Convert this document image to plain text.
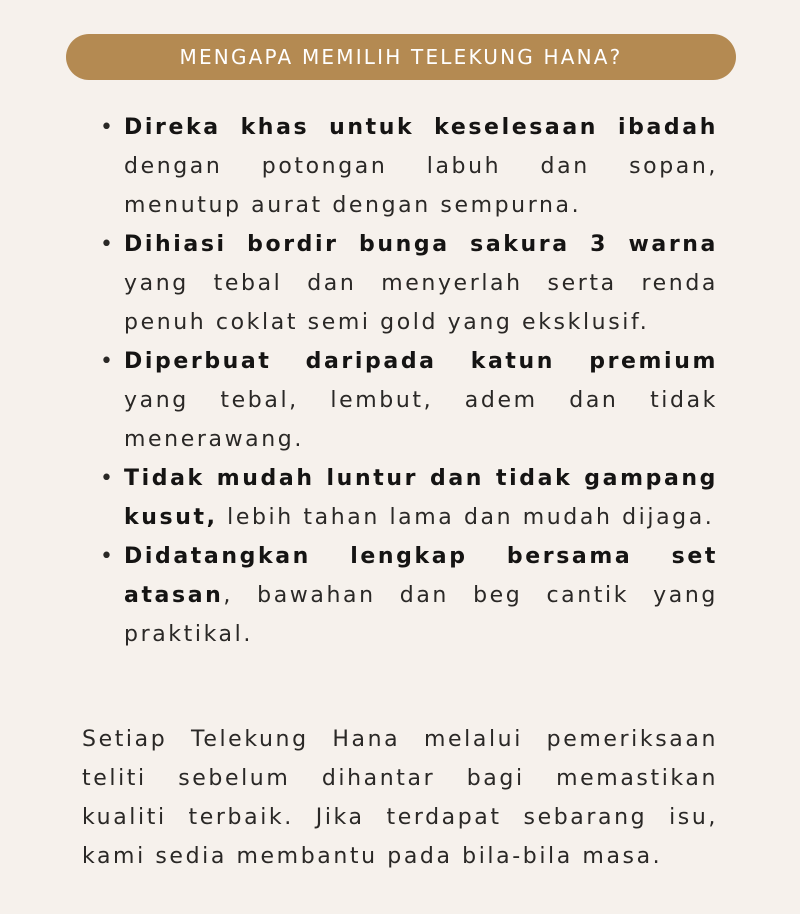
MENGAPA MEMILIH TELEKUNG HANA?
• Direka khas untuk keselesaan ibadah dengan potongan labuh dan sopan, menutup aurat dengan sempurna.
• Dihiasi bordir bunga sakura 3 warna yang tebal dan menyerlah serta renda penuh coklat semi gold yang eksklusif.
• Diperbuat daripada katun premium yang tebal, lembut, adem dan tidak menerawang.
• Tidak mudah luntur dan tidak gampang kusut, lebih tahan lama dan mudah dijaga.
• Didatangkan lengkap bersama set atasan, bawahan dan beg cantik yang praktikal.

Setiap Telekung Hana melalui pemeriksaan teliti sebelum dihantar bagi memastikan kualiti terbaik. Jika terdapat sebarang isu, kami sedia membantu pada bila-bila masa.
